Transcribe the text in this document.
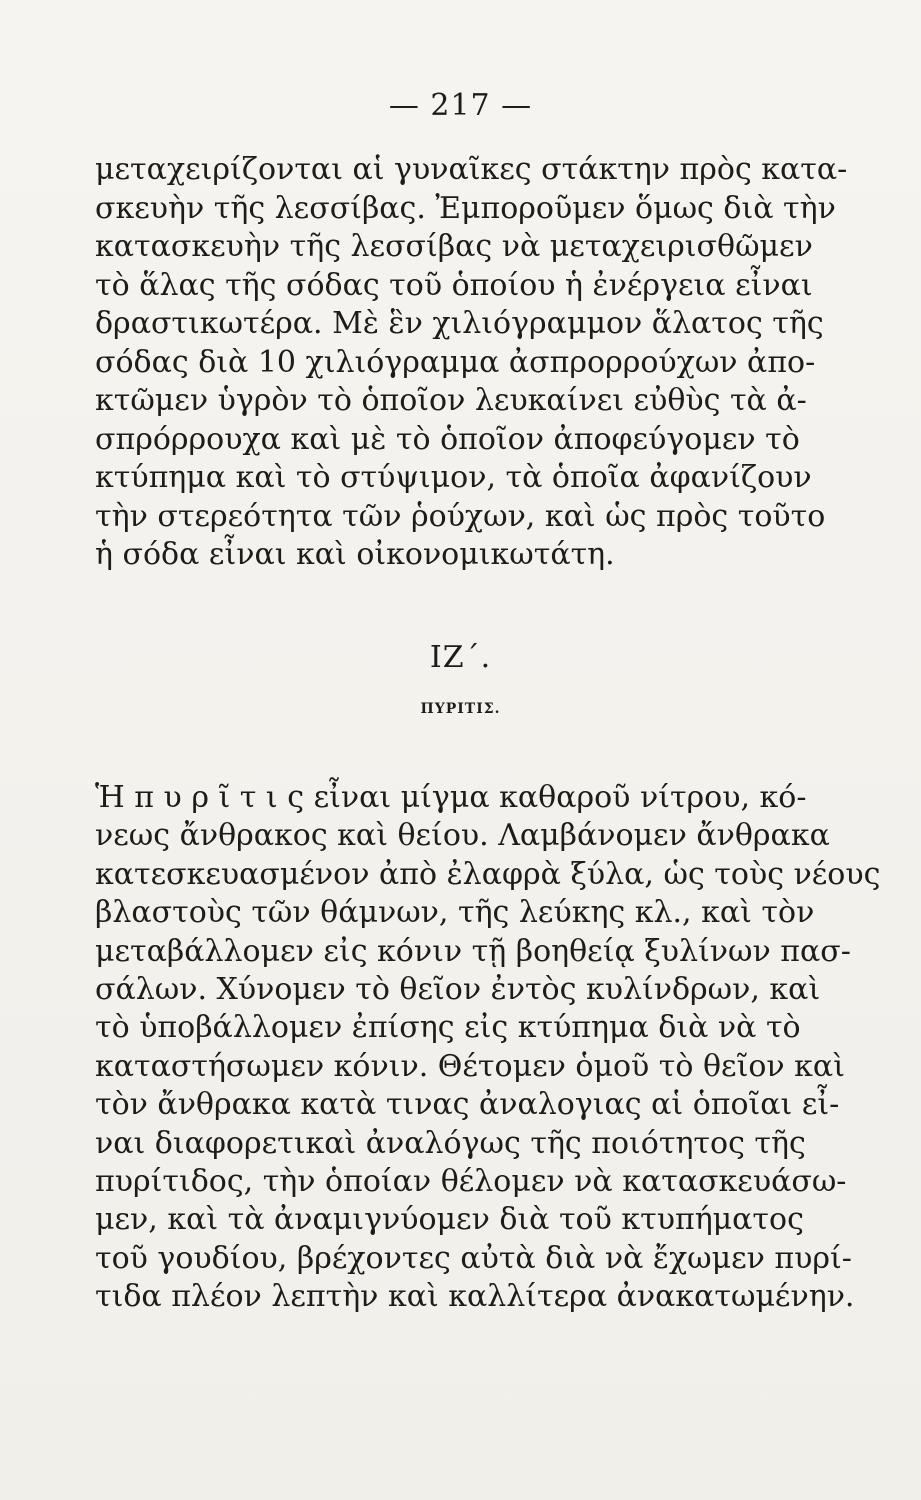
— 217 —
μεταχειρίζονται αἱ γυναῖκες στάκτην πρὸς κατα-
σκευὴν τῆς λεσσίβας. Ἐμποροῦμεν ὅμως διὰ τὴν
κατασκευὴν τῆς λεσσίβας νὰ μεταχειρισθῶμεν
τὸ ἅλας τῆς σόδας τοῦ ὁποίου ἡ ἐνέργεια εἶναι
δραστικωτέρα. Μὲ ἓν χιλιόγραμμον ἅλατος τῆς
σόδας διὰ 10 χιλιόγραμμα ἀσπρορρούχων ἀπο-
κτῶμεν ὑγρὸν τὸ ὁποῖον λευκαίνει εὐθὺς τὰ ἀ-
σπρόρρουχα καὶ μὲ τὸ ὁποῖον ἀποφεύγομεν τὸ
κτύπημα καὶ τὸ στύψιμον, τὰ ὁποῖα ἀφανίζουν
τὴν στερεότητα τῶν ῥούχων, καὶ ὡς πρὸς τοῦτο
ἡ σόδα εἶναι καὶ οἰκονομικωτάτη.
ΙΖ΄.
ΠΥΡΙΤΙΣ.
Ἡ π υ ρ ῖ τ ι ς εἶναι μίγμα καθαροῦ νίτρου, κό-
νεως ἄνθρακος καὶ θείου. Λαμβάνομεν ἄνθρακα
κατεσκευασμένον ἀπὸ ἐλαφρὰ ξύλα, ὡς τοὺς νέους
βλαστοὺς τῶν θάμνων, τῆς λεύκης κλ., καὶ τὸν
μεταβάλλομεν εἰς κόνιν τῇ βοηθείᾳ ξυλίνων πασ-
σάλων. Χύνομεν τὸ θεῖον ἐντὸς κυλίνδρων, καὶ
τὸ ὑποβάλλομεν ἐπίσης εἰς κτύπημα διὰ νὰ τὸ
καταστήσωμεν κόνιν. Θέτομεν ὁμοῦ τὸ θεῖον καὶ
τὸν ἄνθρακα κατὰ τινας ἀναλογιας αἱ ὁποῖαι εἶ-
ναι διαφορετικαὶ ἀναλόγως τῆς ποιότητος τῆς
πυρίτιδος, τὴν ὁποίαν θέλομεν νὰ κατασκευάσω-
μεν, καὶ τὰ ἀναμιγνύομεν διὰ τοῦ κτυπήματος
τοῦ γουδίου, βρέχοντες αὐτὰ διὰ νὰ ἔχωμεν πυρί-
τιδα πλέον λεπτὴν καὶ καλλίτερα ἀνακατωμένην.
